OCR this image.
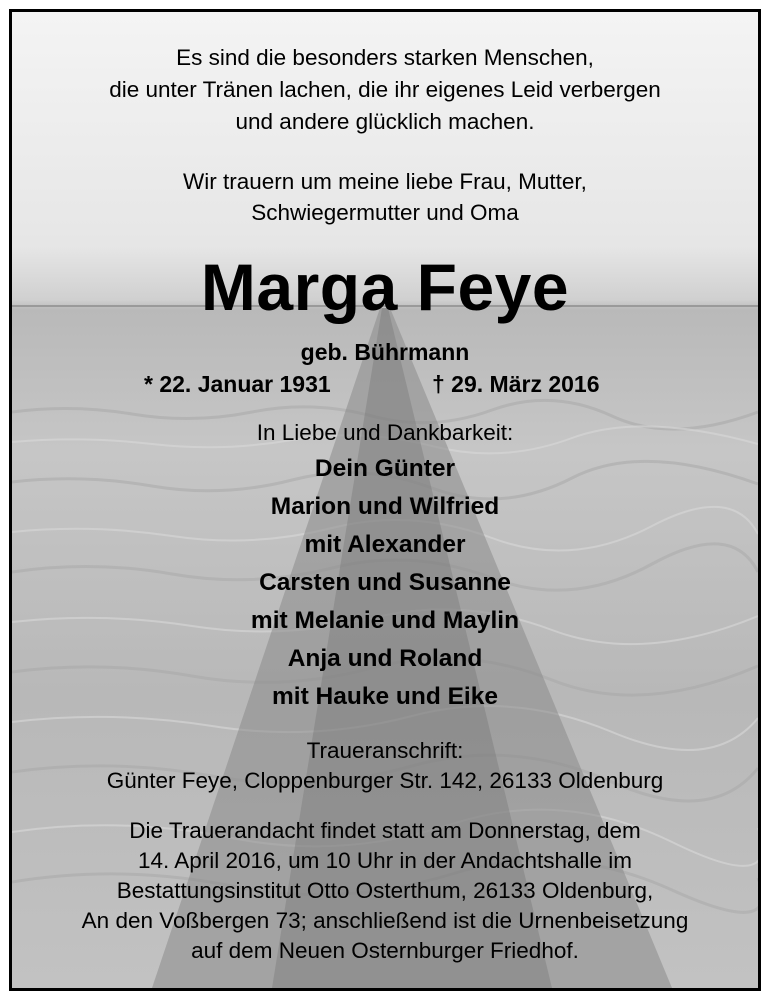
Es sind die besonders starken Menschen,
die unter Tränen lachen, die ihr eigenes Leid verbergen
und andere glücklich machen.
Wir trauern um meine liebe Frau, Mutter,
Schwiegermutter und Oma
Marga Feye
geb. Bührmann
* 22. Januar 1931	† 29. März 2016
In Liebe und Dankbarkeit:
Dein Günter
Marion und Wilfried
mit Alexander
Carsten und Susanne
mit Melanie und Maylin
Anja und Roland
mit Hauke und Eike
Traueranschrift:
Günter Feye, Cloppenburger Str. 142, 26133 Oldenburg
Die Trauerandacht findet statt am Donnerstag, dem
14. April 2016, um 10 Uhr in der Andachtshalle im
Bestattungsinstitut Otto Osterthum, 26133 Oldenburg,
An den Voßbergen 73; anschließend ist die Urnenbeisetzung
auf dem Neuen Osternburger Friedhof.
